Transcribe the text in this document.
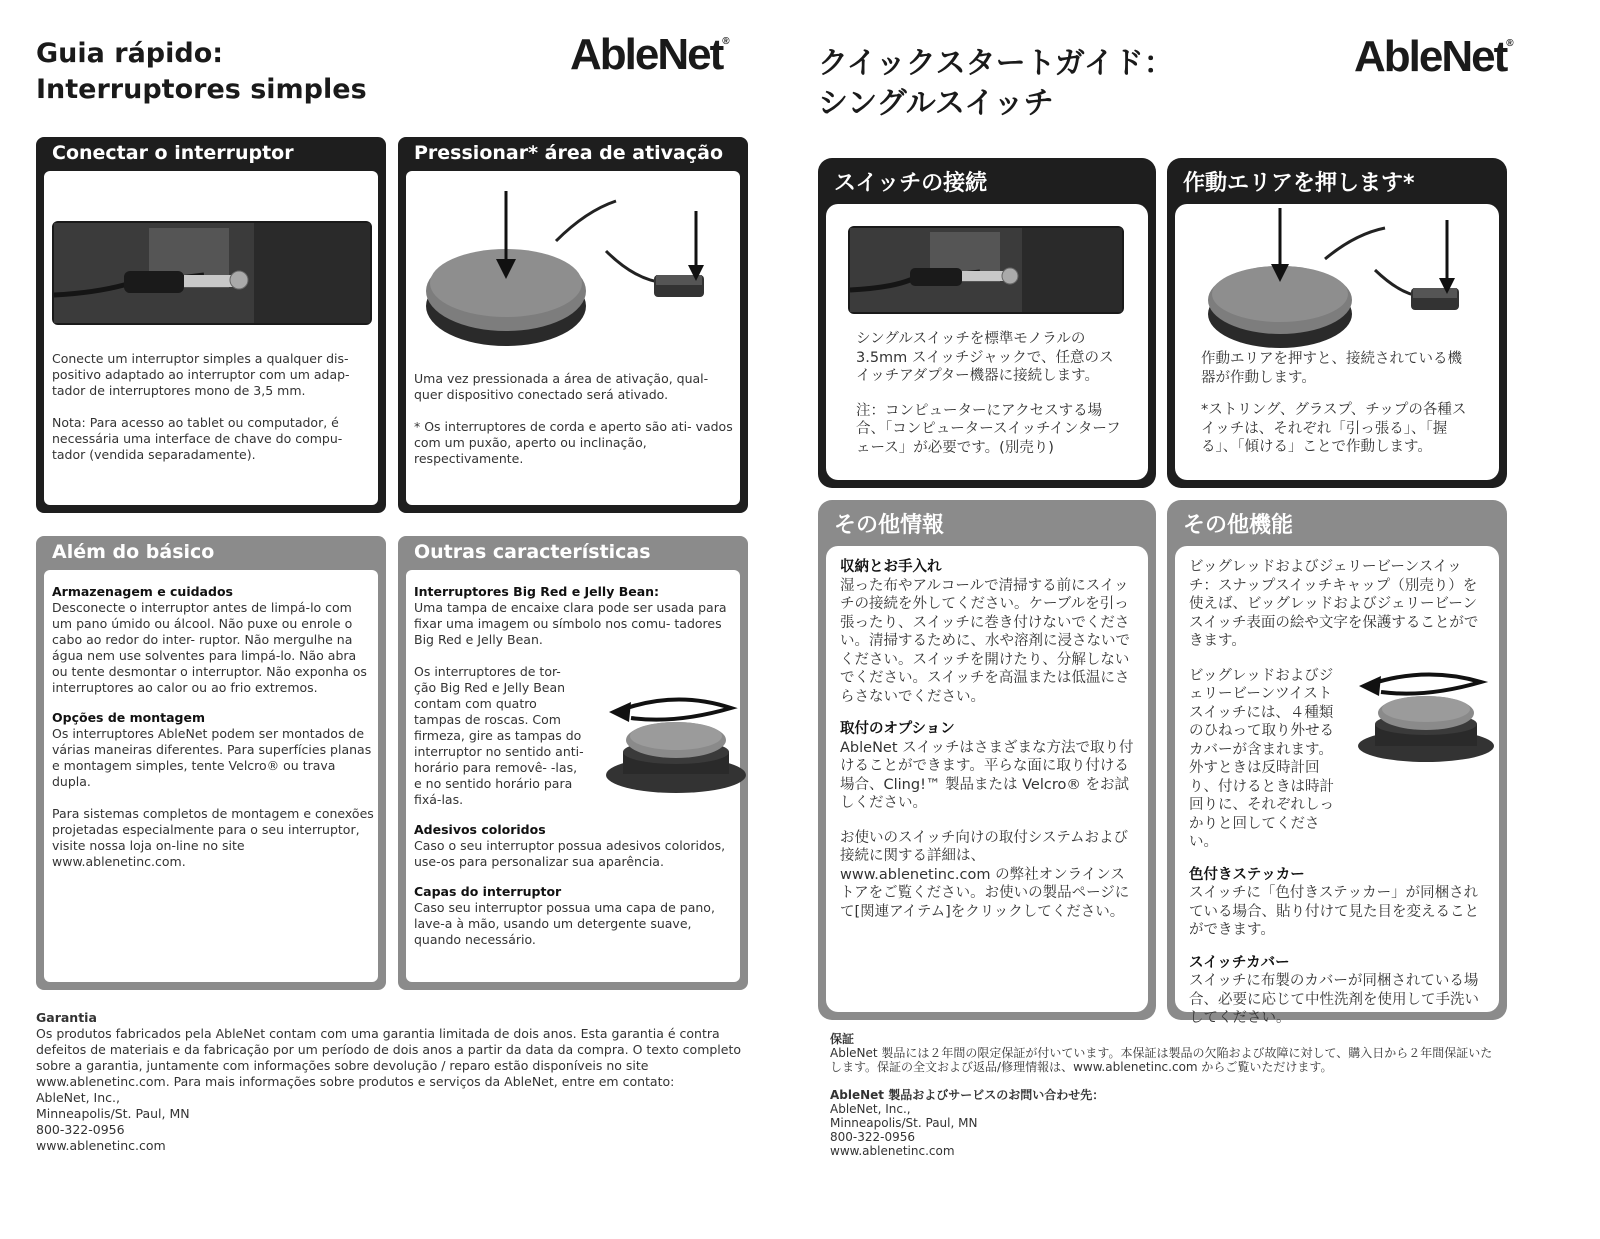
Guia rápido:
Interruptores simples
AbleNet®
Conectar o interruptor

Conecte um interruptor simples a qualquer dis- positivo adaptado ao interruptor com um adap- tador de interruptores mono de 3,5 mm.

Nota: Para acesso ao tablet ou computador, é necessária uma interface de chave do compu- tador (vendida separadamente).

Pressionar* área de ativação

Uma vez pressionada a área de ativação, qual- quer dispositivo conectado será ativado.

* Os interruptores de corda e aperto são ati- vados com um puxão, aperto ou inclinação, respectivamente.

Além do básico

Armazenagem e cuidados

Desconecte o interruptor antes de limpá-lo com um pano úmido ou álcool. Não puxe ou enrole o cabo ao redor do inter- ruptor. Não mergulhe na água nem use solventes para limpá-lo. Não abra ou tente desmontar o interruptor. Não exponha os interruptores ao calor ou ao frio extremos.

Opções de montagem

Os interruptores AbleNet podem ser montados de várias maneiras diferentes. Para superfícies planas e montagem simples, tente Velcro® ou trava dupla.

Para sistemas completos de montagem e conexões projetadas especialmente para o seu interruptor, visite nossa loja on-line no site www.ablenetinc.com.

Outras características

Interruptores Big Red e Jelly Bean:

Uma tampa de encaixe clara pode ser usada para fixar uma imagem ou símbolo nos comu- tadores Big Red e Jelly Bean.

Os interruptores de tor- ção Big Red e Jelly Bean contam com quatro tampas de roscas. Com firmeza, gire as tampas do interruptor no sentido anti-horário para removê- -las, e no sentido horário para fixá-las.

Adesivos coloridos

Caso o seu interruptor possua adesivos coloridos, use-os para personalizar sua aparência.

Capas do interruptor

Caso seu interruptor possua uma capa de pano, lave-a à mão, usando um detergente suave, quando necessário.

Garantia
Os produtos fabricados pela AbleNet contam com uma garantia limitada de dois anos. Esta garantia é contra defeitos de materiais e da fabricação por um período de dois anos a partir da data da compra. O texto completo sobre a garantia, juntamente com informações sobre devolução / reparo estão disponíveis no site www.ablenetinc.com. Para mais informações sobre produtos e serviços da AbleNet, entre em contato:
AbleNet, Inc.,
Minneapolis/St. Paul, MN
800-322-0956
www.ablenetinc.com
クイックスタートガイド：
シングルスイッチ
AbleNet®
スイッチの接続

シングルスイッチを標準モノラルの3.5mm スイッチジャックで、任意のスイッチアダプター機器に接続します。

注：コンピューターにアクセスする場合、「コンピュータースイッチインターフェース」が必要です。(別売り)

作動エリアを押します*

作動エリアを押すと、接続されている機器が作動します。

*ストリング、グラスプ、チップの各種スイッチは、それぞれ「引っ張る」、「握る」、「傾ける」ことで作動します。

その他情報

収納とお手入れ

湿った布やアルコールで清掃する前にスイッチの接続を外してください。ケーブルを引っ張ったり、スイッチに巻き付けないでください。清掃するために、水や溶剤に浸さないでください。スイッチを開けたり、分解しないでください。スイッチを高温または低温にさらさないでください。

取付のオプション

AbleNet スイッチはさまざまな方法で取り付けることができます。平らな面に取り付ける場合、Cling!™ 製品または Velcro® をお試しください。

お使いのスイッチ向けの取付システムおよび接続に関する詳細は、www.ablenetinc.com の弊社オンラインストアをご覧ください。お使いの製品ページにて[関連アイテム]をクリックしてください。

その他機能

ビッグレッドおよびジェリービーンスイッチ：スナップスイッチキャップ（別売り）を使えば、ビッグレッドおよびジェリービーンスイッチ表面の絵や文字を保護することができます。

ビッグレッドおよびジェリービーンツイストスイッチには、４種類のひねって取り外せるカバーが含まれます。外すときは反時計回り、付けるときは時計回りに、それぞれしっかりと回してください。

色付きステッカー

スイッチに「色付きステッカー」が同梱されている場合、貼り付けて見た目を変えることができます。

スイッチカバー

スイッチに布製のカバーが同梱されている場合、必要に応じて中性洗剤を使用して手洗いしてください。

保証
AbleNet 製品には２年間の限定保証が付いています。本保証は製品の欠陥および故障に対して、購入日から２年間保証いたします。保証の全文および返品/修理情報は、www.ablenetinc.com からご覧いただけます。
AbleNet 製品およびサービスのお問い合わせ先：
AbleNet, Inc.,
Minneapolis/St. Paul, MN
800-322-0956
www.ablenetinc.com
